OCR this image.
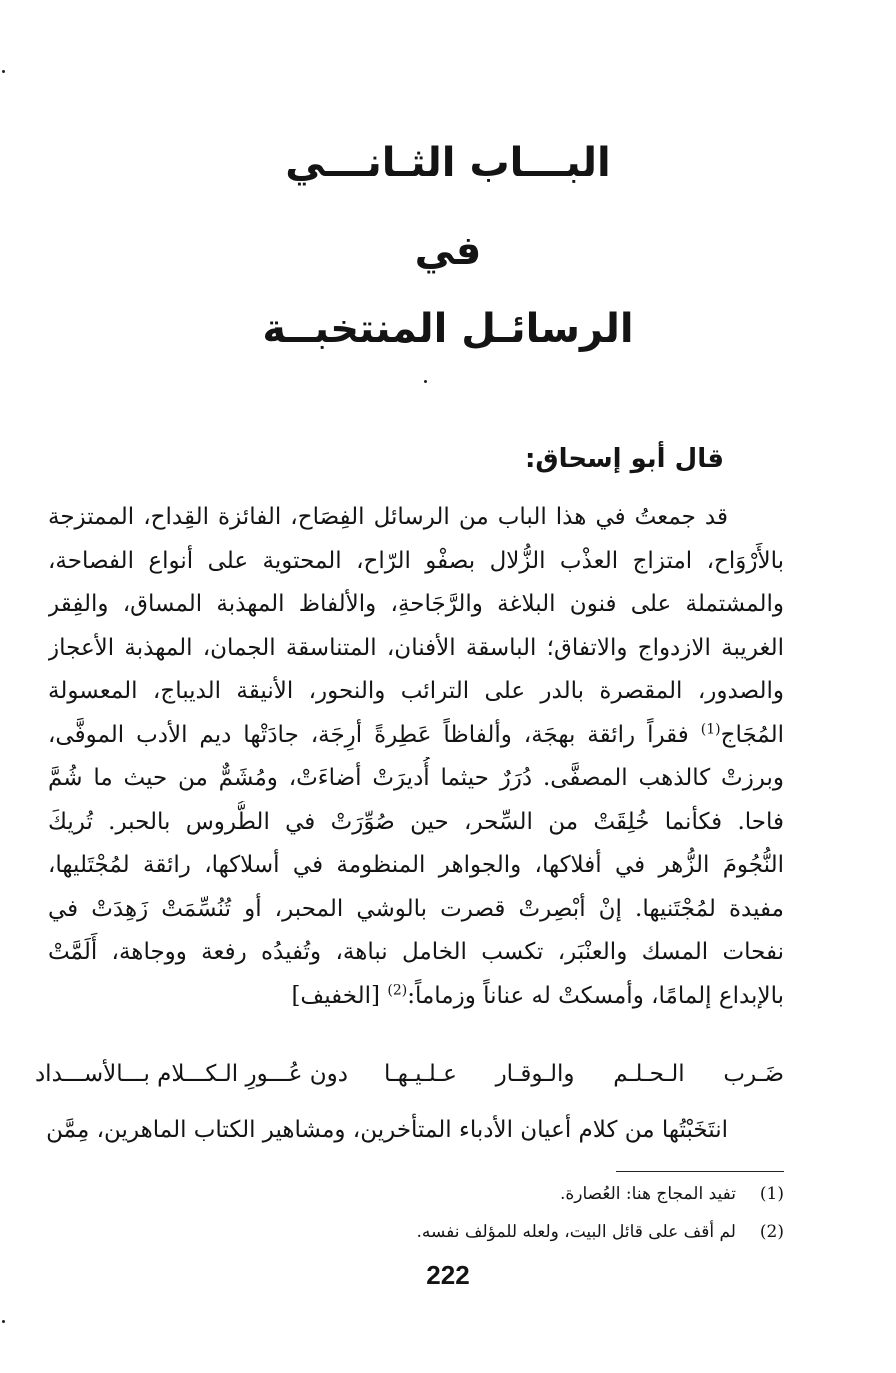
البـــاب الثـانـــي
في
الرسائـل المنتخبــة
قال أبو إسحاق:
قد جمعتُ في هذا الباب من الرسائل الفِصَاح، الفائزة القِداح، الممتزجة
بالأَرْوَاح، امتزاج العذْب الزُّلال بصفْو الرّاح، المحتوية على أنواع الفصاحة،
والمشتملة على فنون البلاغة والرَّجَاحةِ، والألفاظ المهذبة المساق، والفِقر
الغريبة الازدواج والاتفاق؛ الباسقة الأفنان، المتناسقة الجمان، المهذبة الأعجاز
والصدور، المقصرة بالدر على الترائب والنحور، الأنيقة الديباج، المعسولة
المُجَاج$^{(1)}$ فقراً رائقة بهجَة، وألفاظاً عَطِرةً أرِجَة، جادَتْها ديم الأدب الموفَّى،
وبرزتْ كالذهب المصفَّى. دُرَرٌ حيثما أُديرَتْ أضاءَتْ، ومُشَمٌّ من حيث ما شُمَّ
فاحا. فكأنما خُلِقَتْ من السِّحر، حين صُوِّرَتْ في الطُّروس بالحبر. تُريكَ
النُّجُومَ الزُّهر في أفلاكها، والجواهر المنظومة في أسلاكها، رائقة لمُجْتَليها،
مفيدة لمُجْتَنيها. إنْ أبْصِرتْ قصرت بالوشي المحبر، أو تُنُسِّمَتْ زَهِدَتْ في
نفحات المسك والعنْبَر، تكسب الخامل نباهة، وتُفيدُه رفعة ووجاهة، أَلَمَّتْ
بالإبداع إلمامًا، وأمسكتْ له عناناً وزماماً:$^{(2)}$ [الخفيف]
ضَـرب الـحـلـم والـوقـار عـلـيـهـا
دون عُـــورِ الـكـــلام بـــالأســـداد
انتَخَبْتُها من كلام أعيان الأدباء المتأخرين، ومشاهير الكتاب الماهرين، مِمَّن
(1)تفيد المجاج هنا: العُصارة.
(2)لم أقف على قائل البيت، ولعله للمؤلف نفسه.
222
